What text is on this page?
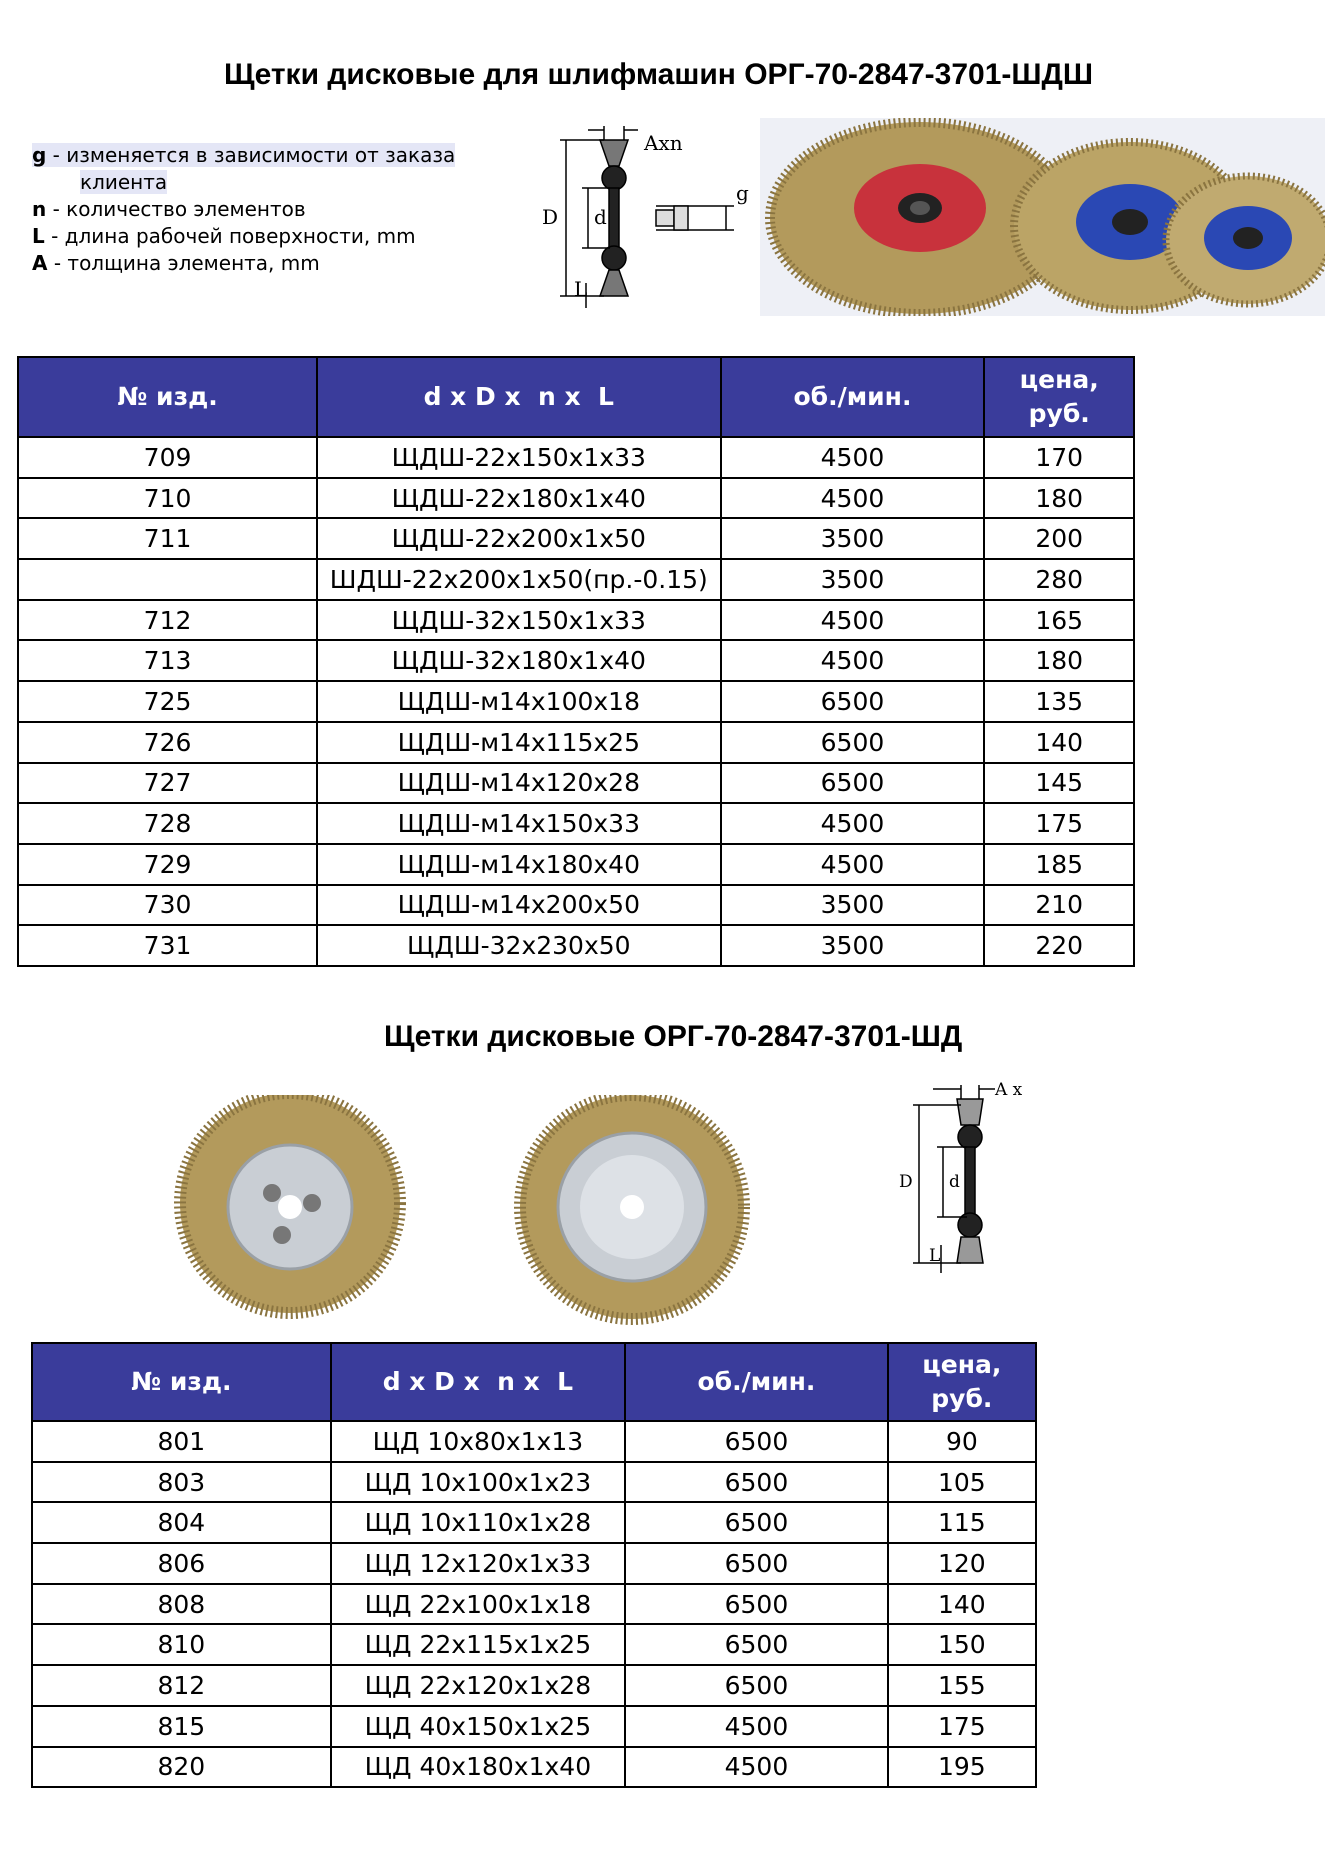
Щетки дисковые для шлифмашин ОРГ-70-2847-3701-ШДШ
g - изменяется в зависимости от заказа
клиента
n - количество элементов
L - длина рабочей поверхности, mm
A - толщина элемента, mm
Axn
g
D d
L
№ изд.	d x D x  n x  L	об./мин.	цена,
руб.
709	ЩДШ-22х150х1х33	4500	170
710	ЩДШ-22х180х1х40	4500	180
711	ЩДШ-22х200х1х50	3500	200
	ШДШ-22х200х1х50(пр.-0.15)	3500	280
712	ЩДШ-32х150х1х33	4500	165
713	ЩДШ-32х180х1х40	4500	180
725	ЩДШ-м14х100х18	6500	135
726	ЩДШ-м14х115х25	6500	140
727	ЩДШ-м14х120х28	6500	145
728	ЩДШ-м14х150х33	4500	175
729	ЩДШ-м14х180х40	4500	185
730	ЩДШ-м14х200х50	3500	210
731	ЩДШ-32х230х50	3500	220
Щетки дисковые ОРГ-70-2847-3701-ШД
A x
D d
L
№ изд.	d x D x  n x  L	об./мин.	цена,
руб.
801	ЩД 10х80х1х13	6500	90
803	ЩД 10х100х1х23	6500	105
804	ЩД 10х110х1х28	6500	115
806	ЩД 12х120х1х33	6500	120
808	ЩД 22х100х1х18	6500	140
810	ЩД 22х115х1х25	6500	150
812	ЩД 22х120х1х28	6500	155
815	ЩД 40х150х1х25	4500	175
820	ЩД 40х180х1х40	4500	195
